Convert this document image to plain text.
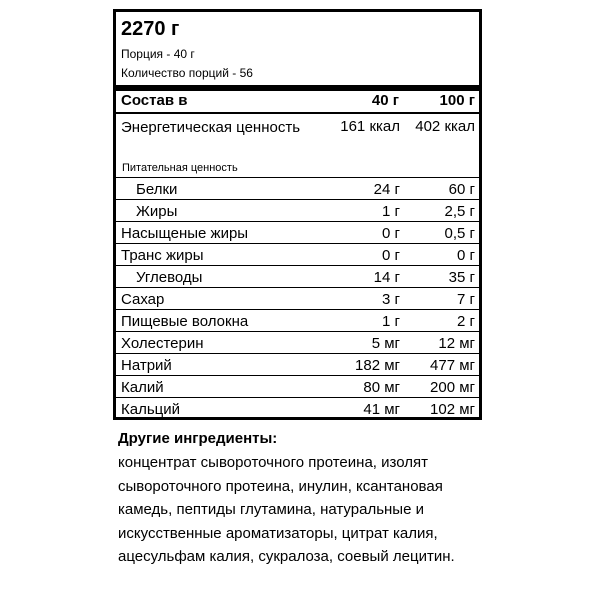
2270 г
Порция - 40 г
Количество порций - 56
Состав в	40 г	100 г
Энергетическая ценность	161 ккал 402 ккал
Питательная ценность
Белки	24 г	60 г
Жиры	1 г	2,5 г
Насыщеные жиры	0 г	0,5 г
Транс жиры	0 г	0 г
Углеводы	14 г	35 г
Сахар	3 г	7 г
Пищевые волокна	1 г	2 г
Холестерин	5 мг	12 мг
Натрий	182 мг 477 мг
Калий	80 мг 200 мг
Кальций	41 мг 102 мг
Другие ингредиенты:
концентрат сывороточного протеина, изолят сывороточного протеина, инулин, ксантановая камедь, пептиды глутамина, натуральные и искусственные ароматизаторы, цитрат калия, ацесульфам калия, сукралоза, соевый лецитин.
